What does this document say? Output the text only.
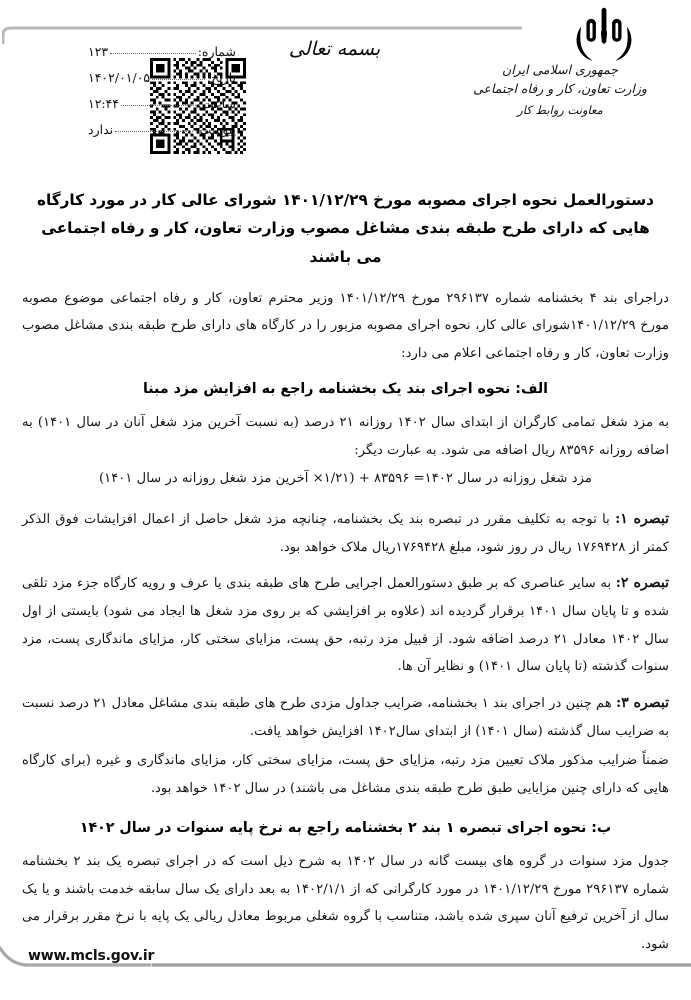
جمهوری اسلامی ایران
وزارت تعاون، کار و رفاه اجتماعی
معاونت روابط کار
بسمه تعالی
شماره:
۱۲۳
تاریخ:
۱۴۰۲/۰۱/۰۵
ساعت:
۱۲:۴۴
پیوست:
ندارد
دستورالعمل نحوه اجرای مصوبه مورخ ۱۴۰۱/۱۲/۲۹ شورای عالی کار در مورد کارگاه هایی که دارای طرح طبقه بندی مشاغل مصوب وزارت تعاون، کار و رفاه اجتماعی می باشند

دراجرای بند ۴ بخشنامه شماره ۲۹۶۱۳۷ مورخ ۱۴۰۱/۱۲/۲۹ وزیر محترم تعاون، کار و رفاه اجتماعی موضوع مصوبه مورخ ۱۴۰۱/۱۲/۲۹شورای عالی کار، نحوه اجرای مصوبه مزبور را در کارگاه های دارای طرح طبقه بندی مشاغل مصوب وزارت تعاون، کار و رفاه اجتماعی اعلام می دارد:

الف: نحوه اجرای بند یک بخشنامه راجع به افزایش مزد مبنا

به مزد شغل تمامی کارگران از ابتدای سال ۱۴۰۲ روزانه ۲۱ درصد (به نسبت آخرین مزد شغل آنان در سال ۱۴۰۱) به اضافه روزانه ۸۳۵۹۶ ریال اضافه می شود. به عبارت دیگر:

مزد شغل روزانه در سال ۱۴۰۲= ۸۳۵۹۶ + (۱/۲۱× آخرین مزد شغل روزانه در سال ۱۴۰۱)

تبصره ۱: با توجه به تکلیف مقرر در تبصره بند یک بخشنامه، چنانچه مزد شغل حاصل از اعمال افزایشات فوق الذکر کمتر از ۱۷۶۹۴۲۸ ریال در روز شود، مبلغ ۱۷۶۹۴۲۸ریال ملاک خواهد بود.

تبصره ۲: به سایر عناصری که بر طبق دستورالعمل اجرایی طرح های طبقه بندی یا عرف و رویه کارگاه جزء مزد تلقی شده و تا پایان سال ۱۴۰۱ برقرار گردیده اند (علاوه بر افزایشی که بر روی مزد شغل ها ایجاد می شود) بایستی از اول سال ۱۴۰۲ معادل ۲۱ درصد اضافه شود. از قبیل مزد رتبه، حق پست، مزایای سختی کار، مزایای ماندگاری پست، مزد سنوات گذشته (تا پایان سال ۱۴۰۱) و نظایر آن ها.

تبصره ۳: هم چنین در اجرای بند ۱ بخشنامه، ضرایب جداول مزدی طرح های طبقه بندی مشاغل معادل ۲۱ درصد نسبت به ضرایب سال گذشته (سال ۱۴۰۱) از ابتدای سال۱۴۰۲ افزایش خواهد یافت.

ضمناً ضرایب مذکور ملاک تعیین مزد رتبه، مزایای حق پست، مزایای سختی کار، مزایای ماندگاری و غیره (برای کارگاه هایی که دارای چنین مزایایی طبق طرح طبقه بندی مشاغل می باشند) در سال ۱۴۰۲ خواهد بود.

ب: نحوه اجرای تبصره ۱ بند ۲ بخشنامه راجع به نرخ پایه سنوات در سال ۱۴۰۲

جدول مزد سنوات در گروه های بیست گانه در سال ۱۴۰۲ به شرح ذیل است که در اجرای تبصره یک بند ۲ بخشنامه شماره ۲۹۶۱۳۷ مورخ ۱۴۰۱/۱۲/۲۹ در مورد کارگرانی که از ۱۴۰۲/۱/۱ به بعد دارای یک سال سابقه خدمت باشند و یا یک سال از آخرین ترفیع آنان سپری شده باشد، متناسب با گروه شغلی مربوط معادل ریالی یک پایه با نرخ مقرر برقرار می شود.

www.mcls.gov.ir
